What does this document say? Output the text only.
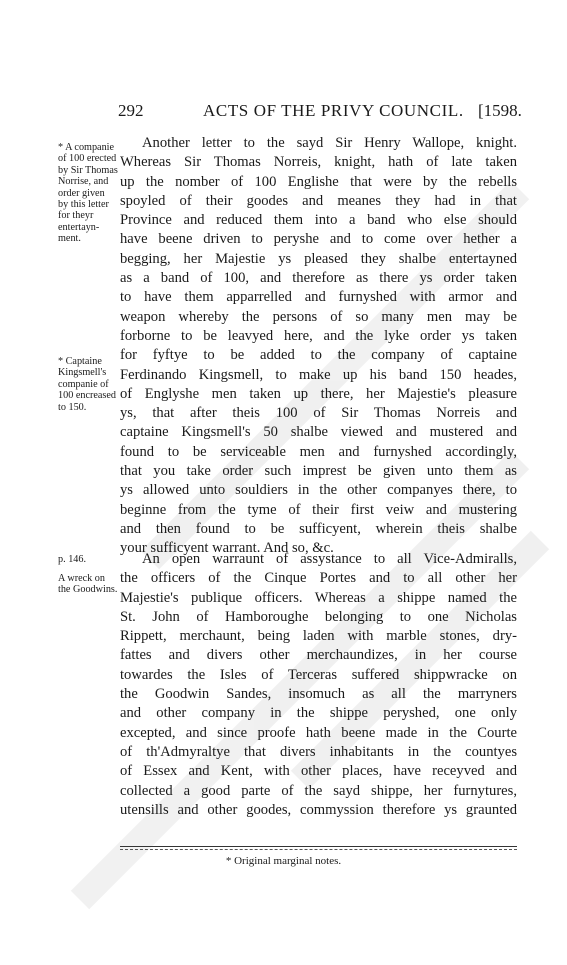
292	ACTS OF THE PRIVY COUNCIL. [1598.
* A companie
of 100 erected
by Sir Thomas
Norrise, and
order given
by this letter
for theyr
entertayn-
ment.
* Captaine
Kingsmell's
companie of
100 encreased
to 150.
p. 146.
A wreck on
the Goodwins.
Another letter to the sayd Sir Henry Wallope, knight.
Whereas Sir Thomas Norreis, knight, hath of late taken
up the nomber of 100 Englishe that were by the rebells
spoyled of their goodes and meanes they had in that
Province and reduced them into a band who else should
have beene driven to peryshe and to come over hether a
begging, her Majestie ys pleased they shalbe entertayned
as a band of 100, and therefore as there ys order taken
to have them apparrelled and furnyshed with armor and
weapon whereby the persons of so many men may be
forborne to be leavyed here, and the lyke order ys taken
for fyftye to be added to the company of captaine
Ferdinando Kingsmell, to make up his band 150 heades,
of Englyshe men taken up there, her Majestie's pleasure
ys, that after theis 100 of Sir Thomas Norreis and
captaine Kingsmell's 50 shalbe viewed and mustered and
found to be serviceable men and furnyshed accordingly,
that you take order such imprest be given unto them as
ys allowed unto souldiers in the other companyes there, to
beginne from the tyme of their first veiw and mustering
and then found to be sufficyent, wherein theis shalbe
your sufficyent warrant. And so, &c.
An open warraunt of assystance to all Vice-Admiralls,
the officers of the Cinque Portes and to all other her
Majestie's publique officers. Whereas a shippe named the
St. John of Hamboroughe belonging to one Nicholas
Rippett, merchaunt, being laden with marble stones, dry-
fattes and divers other merchaundizes, in her course
towardes the Isles of Terceras suffered shippwracke on
the Goodwin Sandes, insomuch as all the marryners
and other company in the shippe peryshed, one only
excepted, and since proofe hath beene made in the Courte
of th'Admyraltye that divers inhabitants in the countyes
of Essex and Kent, with other places, have receyved and
collected a good parte of the sayd shippe, her furnytures,
utensills and other goodes, commyssion therefore ys graunted
* Original marginal notes.
